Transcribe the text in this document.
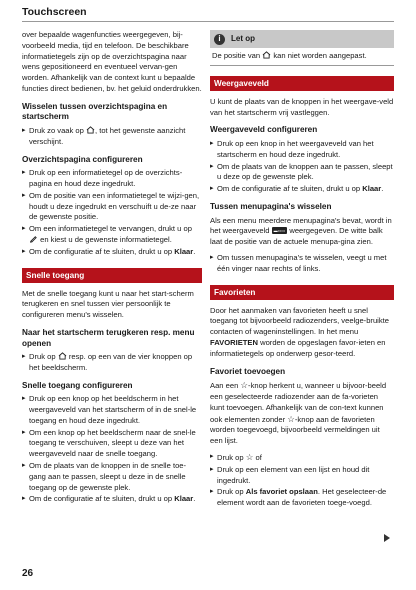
Touchscreen

over bepaalde wagenfuncties weergegeven, bij-voorbeeld media, tijd en telefoon. De beschikbare informatietegels zijn op de overzichtspagina naar wens gepositioneerd en eventueel vervan-gen worden. Afhankelijk van de context kunt u bepaalde functies direct bedienen, bv. het geluid onderdrukken.

Wisselen tussen overzichtspagina en startscherm
▸ Druk zo vaak op , tot het gewenste aanzicht verschijnt.
Overzichtspagina configureren
▸ Druk op een informatietegel op de overzichts-pagina en houd deze ingedrukt.
▸ Om de positie van een informatietegel te wijzi-gen, houdt u deze ingedrukt en verschuift u de-ze naar de gewenste positie.
▸ Om een informatietegel te vervangen, drukt u op  en kiest u de gewenste informatietegel.
▸ Om de configuratie af te sluiten, drukt u op Klaar.
Snelle toegang

Met de snelle toegang kunt u naar het start-scherm terugkeren en snel tussen vier persoonlijk te configureren menu's wisselen.

Naar het startscherm terugkeren resp. menu openen
▸ Druk op resp. op een van de vier knoppen op het beeldscherm.
Snelle toegang configureren
▸ Druk op een knop op het beeldscherm in het weergaveveld van het startscherm of in de snel-le toegang en houd deze ingedrukt.
▸ Om een knop op het beeldscherm naar de snel-le toegang te verschuiven, sleept u deze van het weergaveveld naar de snelle toegang.
▸ Om de plaats van de knoppen in de snelle toe-gang aan te passen, sleept u deze in de snelle toegang op de gewenste plek.
▸ Om de configuratie af te sluiten, drukt u op Klaar.
i	Let op
De positie van kan niet worden aangepast.
Weergaveveld

U kunt de plaats van de knoppen in het weergave-veld van het startscherm vrij vastleggen.

Weergaveveld configureren
▸ Druk op een knop in het weergaveveld van het startscherm en houd deze ingedrukt.
▸ Om de plaats van de knoppen aan te passen, sleept u deze op de gewenste plek.
▸ Om de configuratie af te sluiten, drukt u op Klaar.
Tussen menupagina's wisselen

Als een menu meerdere menupagina's bevat, wordt in het weergaveveld ▬▭▭ weergegeven. De witte balk laat de positie van de actuele menupa-gina zien.

▸ Om tussen menupagina's te wisselen, veegt u met één vinger naar rechts of links.
Favorieten

Door het aanmaken van favorieten heeft u snel toegang tot bijvoorbeeld radiozenders, veelge-bruikte contacten of wageninstellingen. In het menu FAVORIETEN worden de opgeslagen favor-ieten en informatietegels op onderwerp gesor-teerd.

Favoriet toevoegen

Aan een ☆-knop herkent u, wanneer u bijvoor-beeld een geselecteerde radiozender aan de fa-vorieten kunt toevoegen. Afhankelijk van de con-text kunnen ook elementen zonder ☆-knop aan de favorieten worden toegevoegd, bijvoorbeeld vermeldingen uit een lijst.

▸ Druk op ☆ of
▸ Druk op een element van een lijst en houd dit ingedrukt.
▸ Druk op Als favoriet opslaan. Het geselecteer-de element wordt aan de favorieten toege-voegd.
26
